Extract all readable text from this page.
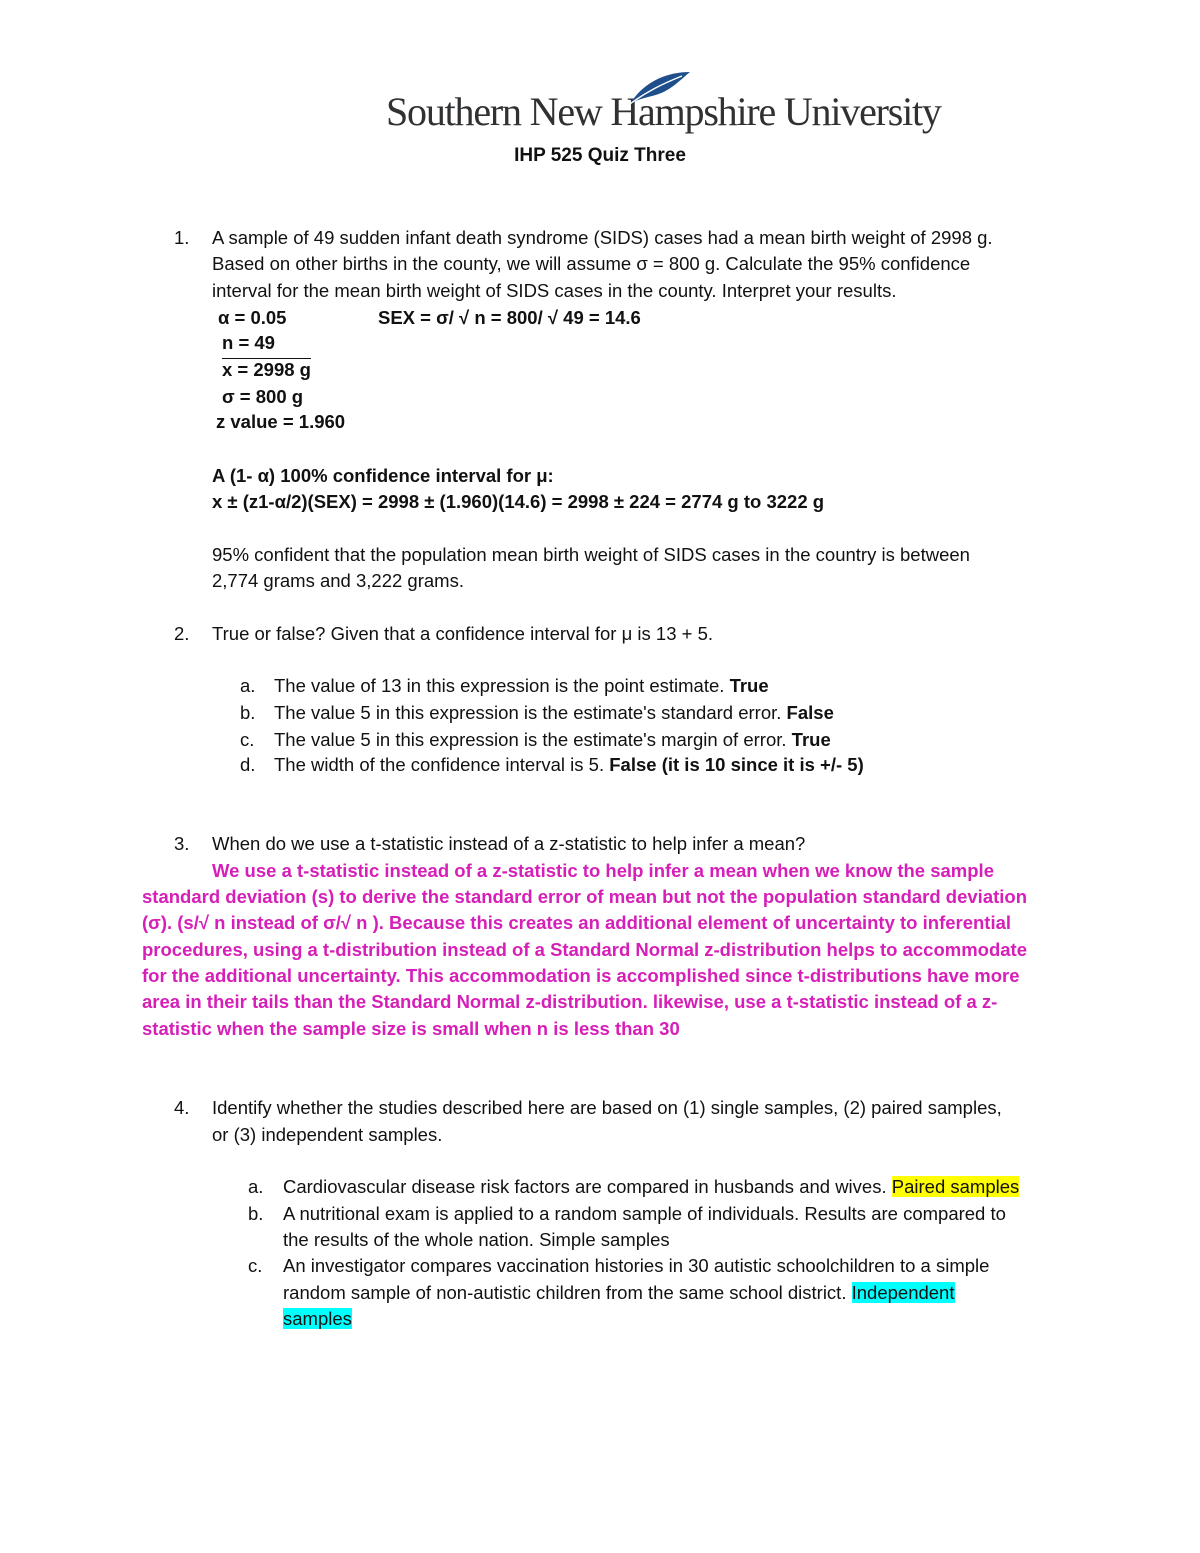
Southern New Hampshire University
IHP 525 Quiz Three
1. A sample of 49 sudden infant death syndrome (SIDS) cases had a mean birth weight of 2998 g.
Based on other births in the county, we will assume σ = 800 g. Calculate the 95% confidence
interval for the mean birth weight of SIDS cases in the county. Interpret your results.
α = 0.05	SEX = σ/ √ n = 800/ √ 49 = 14.6
n = 49
x = 2998 g
σ = 800 g
z value = 1.960
A (1- α) 100% confidence interval for μ:
x ± (z1-α/2)(SEX) = 2998 ± (1.960)(14.6) = 2998 ± 224 = 2774 g to 3222 g
95% confident that the population mean birth weight of SIDS cases in the country is between
2,774 grams and 3,222 grams.
2. True or false? Given that a confidence interval for μ is 13 + 5.
a. The value of 13 in this expression is the point estimate. True
b. The value 5 in this expression is the estimate's standard error. False
c. The value 5 in this expression is the estimate's margin of error. True
d. The width of the confidence interval is 5. False (it is 10 since it is +/- 5)
3. When do we use a t-statistic instead of a z-statistic to help infer a mean?
We use a t-statistic instead of a z-statistic to help infer a mean when we know the sample
standard deviation (s) to derive the standard error of mean but not the population standard deviation
(σ). (s/√ n instead of σ/√ n ). Because this creates an additional element of uncertainty to inferential
procedures, using a t-distribution instead of a Standard Normal z-distribution helps to accommodate
for the additional uncertainty. This accommodation is accomplished since t-distributions have more
area in their tails than the Standard Normal z-distribution. likewise, use a t-statistic instead of a z-
statistic when the sample size is small when n is less than 30
4. Identify whether the studies described here are based on (1) single samples, (2) paired samples,
or (3) independent samples.
a. Cardiovascular disease risk factors are compared in husbands and wives. Paired samples
b. A nutritional exam is applied to a random sample of individuals. Results are compared to
the results of the whole nation. Simple samples
c. An investigator compares vaccination histories in 30 autistic schoolchildren to a simple
random sample of non-autistic children from the same school district. Independent
samples
